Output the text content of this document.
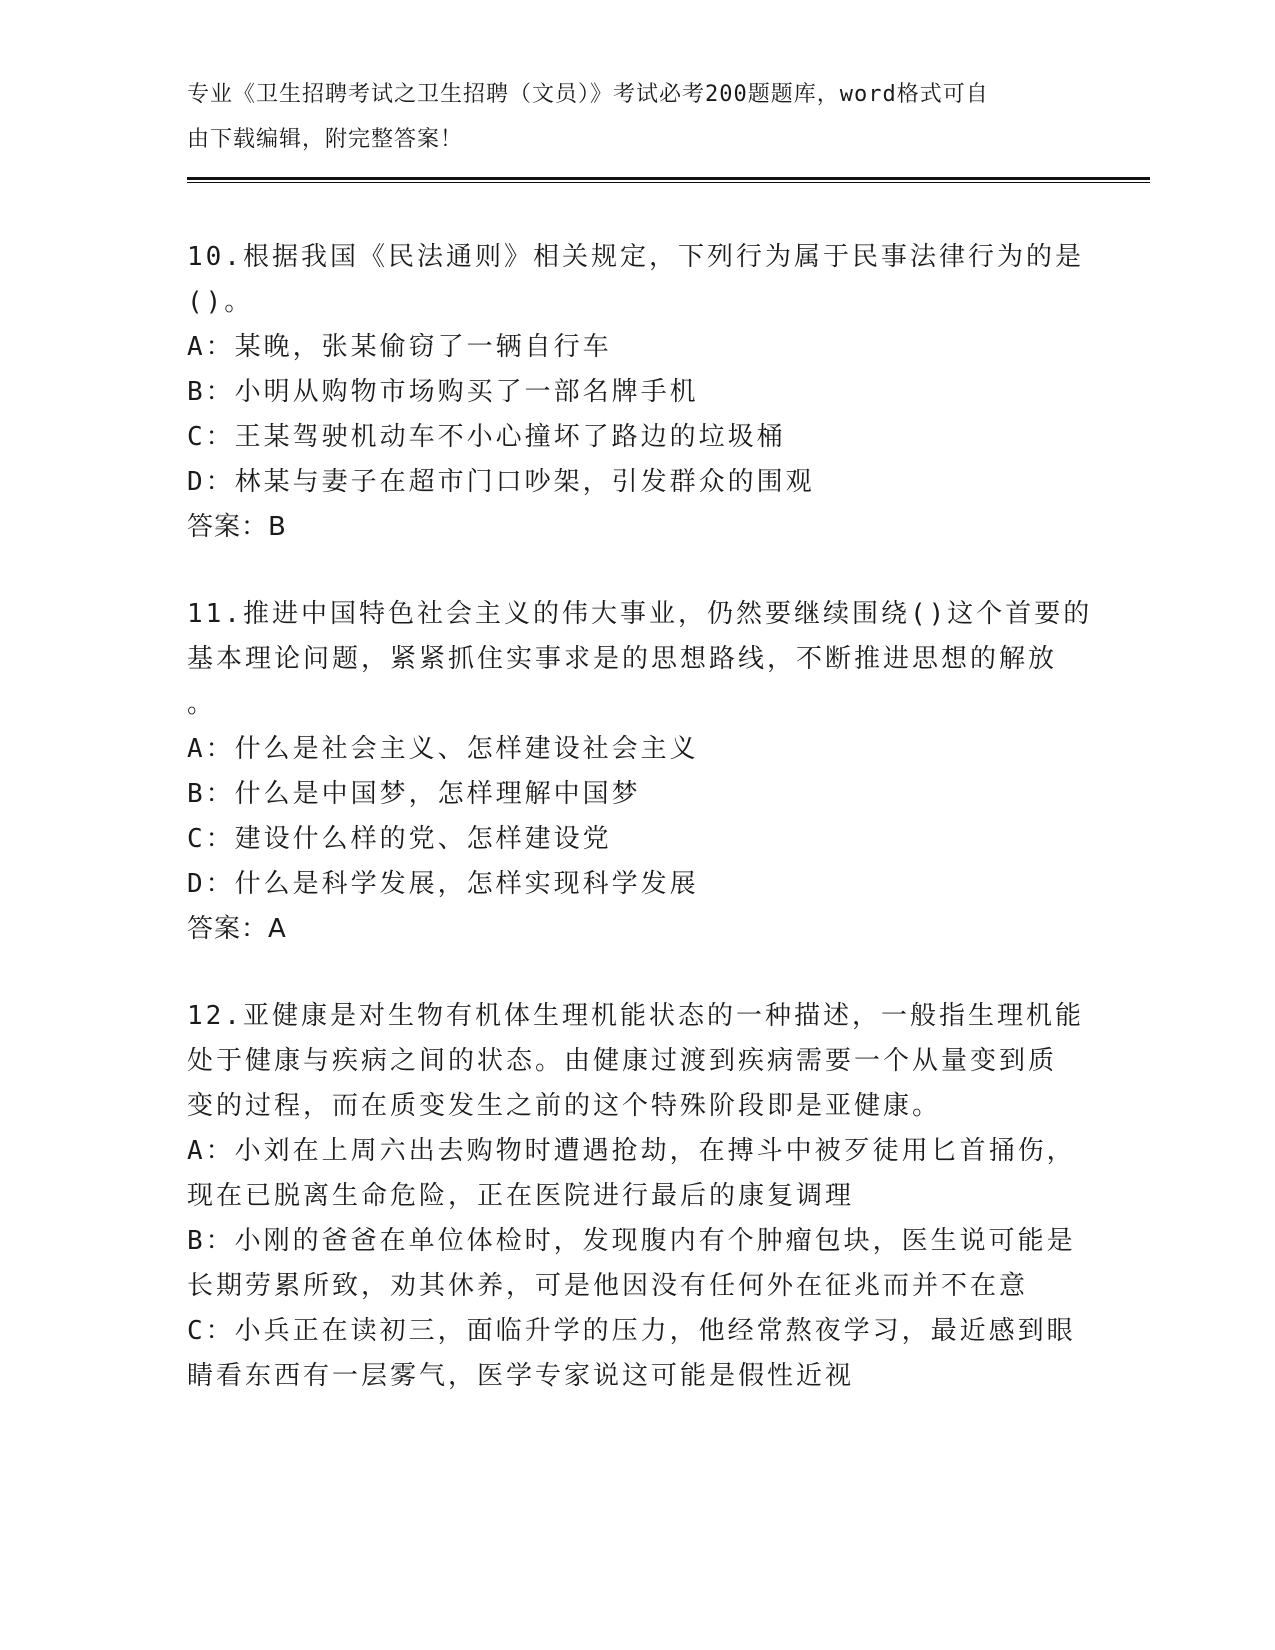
专业《卫生招聘考试之卫生招聘（文员）》考试必考200题题库，word格式可自
由下载编辑，附完整答案！
10.根据我国《民法通则》相关规定，下列行为属于民事法律行为的是
()。
A：某晚，张某偷窃了一辆自行车
B：小明从购物市场购买了一部名牌手机
C：王某驾驶机动车不小心撞坏了路边的垃圾桶
D：林某与妻子在超市门口吵架，引发群众的围观
答案：B
11.推进中国特色社会主义的伟大事业，仍然要继续围绕()这个首要的
基本理论问题，紧紧抓住实事求是的思想路线，不断推进思想的解放
。
A：什么是社会主义、怎样建设社会主义
B：什么是中国梦，怎样理解中国梦
C：建设什么样的党、怎样建设党
D：什么是科学发展，怎样实现科学发展
答案：A
12.亚健康是对生物有机体生理机能状态的一种描述，一般指生理机能
处于健康与疾病之间的状态。由健康过渡到疾病需要一个从量变到质
变的过程，而在质变发生之前的这个特殊阶段即是亚健康。
A：小刘在上周六出去购物时遭遇抢劫，在搏斗中被歹徒用匕首捅伤，
现在已脱离生命危险，正在医院进行最后的康复调理
B：小刚的爸爸在单位体检时，发现腹内有个肿瘤包块，医生说可能是
长期劳累所致，劝其休养，可是他因没有任何外在征兆而并不在意
C：小兵正在读初三，面临升学的压力，他经常熬夜学习，最近感到眼
睛看东西有一层雾气，医学专家说这可能是假性近视
